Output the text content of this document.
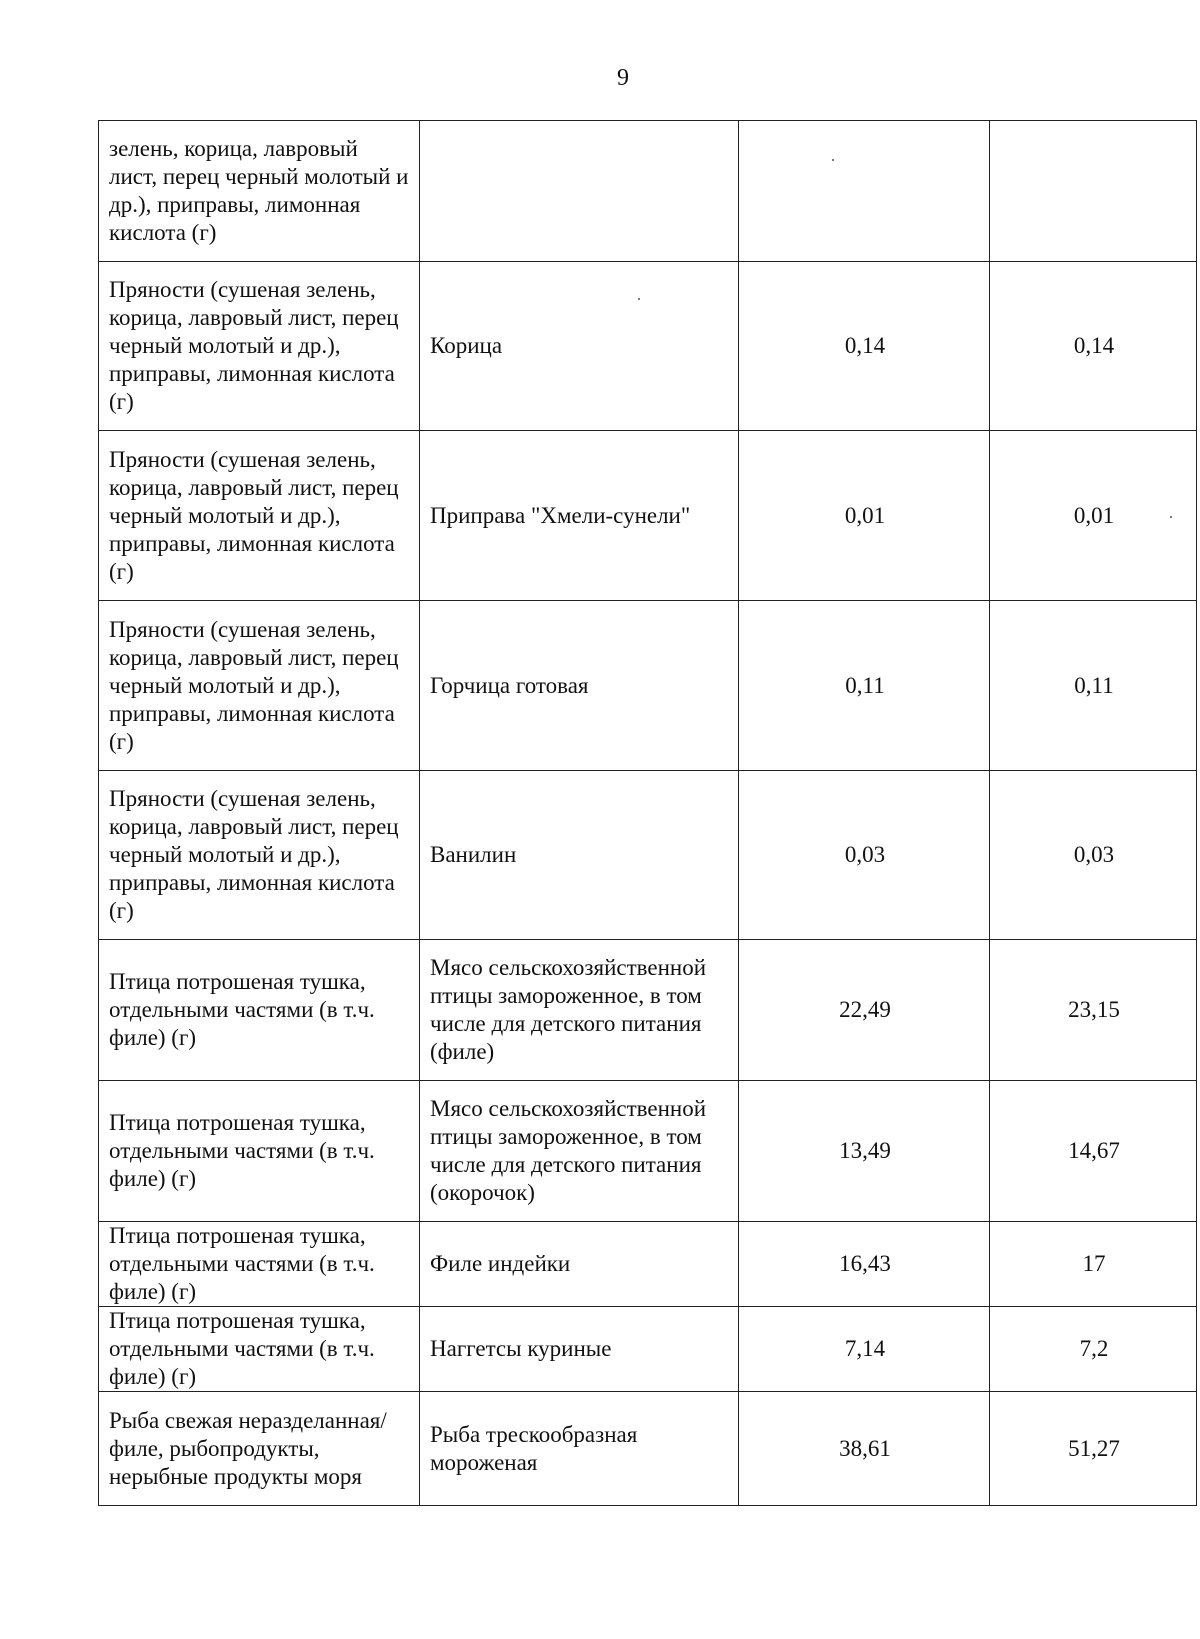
9
зелень, корица, лавровый лист, перец черный молотый и др.), приправы, лимонная кислота (г)			

Пряности (сушеная зелень, корица, лавровый лист, перец черный молотый и др.), приправы, лимонная кислота (г)	Корица	0,14	0,14

Пряности (сушеная зелень, корица, лавровый лист, перец черный молотый и др.), приправы, лимонная кислота (г)	Приправа "Хмели-сунели"	0,01	0,01

Пряности (сушеная зелень, корица, лавровый лист, перец черный молотый и др.), приправы, лимонная кислота (г)	Горчица готовая	0,11	0,11

Пряности (сушеная зелень, корица, лавровый лист, перец черный молотый и др.), приправы, лимонная кислота (г)	Ванилин	0,03	0,03

Птица потрошеная тушка, отдельными частями (в т.ч. филе) (г)	Мясо сельскохозяйственной птицы замороженное, в том числе для детского питания (филе)	22,49	23,15

Птица потрошеная тушка, отдельными частями (в т.ч. филе) (г)	Мясо сельскохозяйственной птицы замороженное, в том числе для детского питания (окорочок)	13,49	14,67

Птица потрошеная тушка, отдельными частями (в т.ч. филе) (г)	Филе индейки	16,43	17

Птица потрошеная тушка, отдельными частями (в т.ч. филе) (г)	Наггетсы куриные	7,14	7,2

Рыба свежая неразделанная/филе, рыбопродукты, нерыбные продукты моря	Рыба трескообразная мороженая	38,61	51,27
